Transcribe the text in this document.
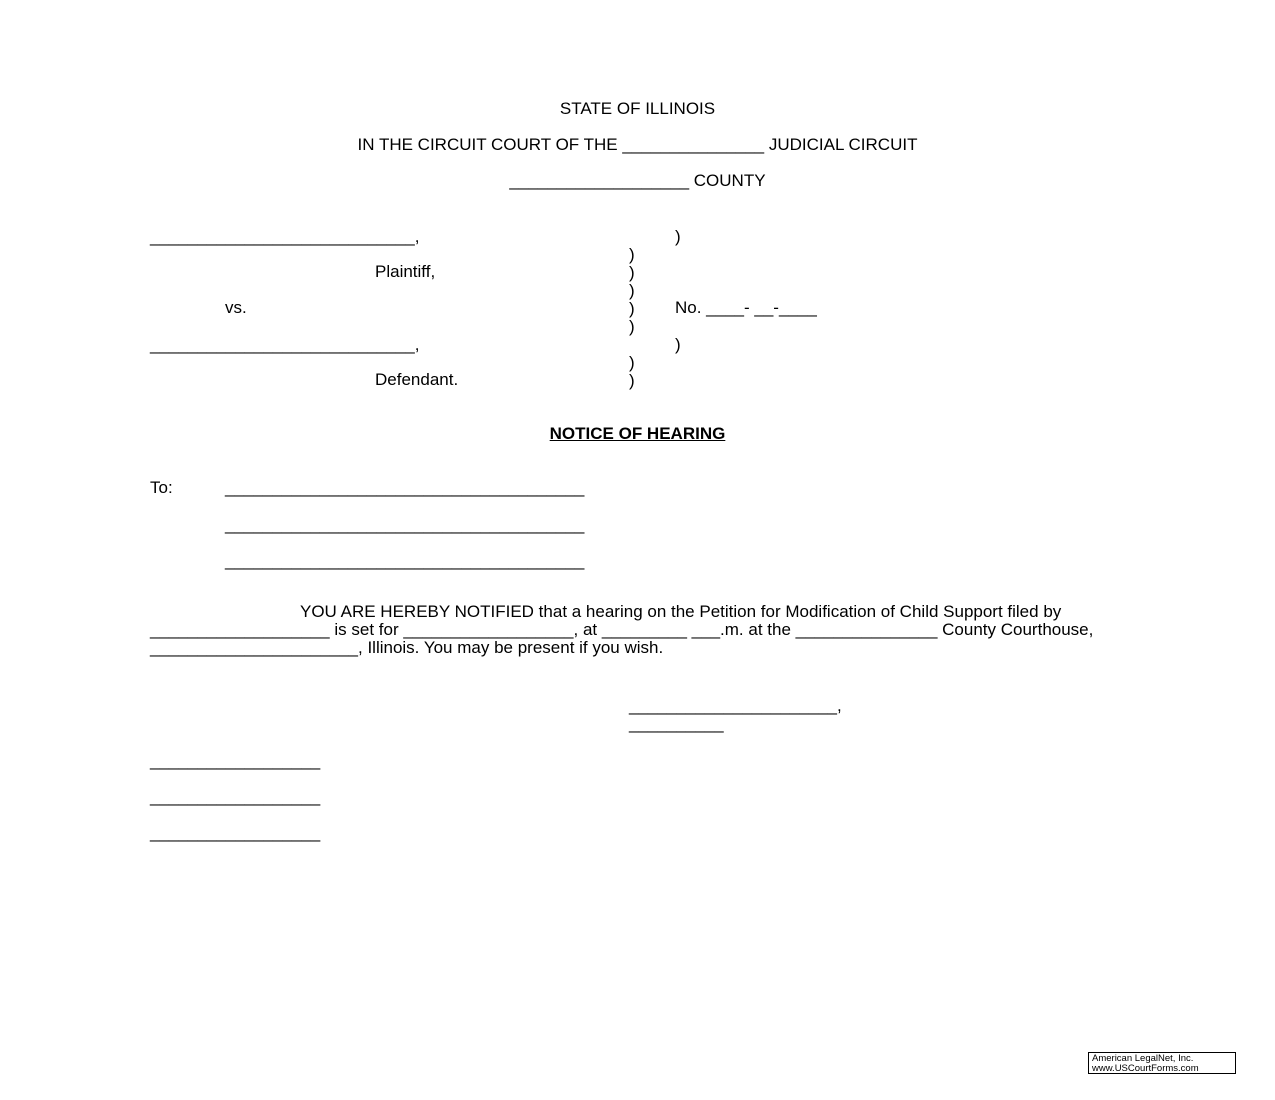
STATE OF ILLINOIS
IN THE CIRCUIT COURT OF THE _______________ JUDICIAL CIRCUIT
___________________ COUNTY
____________________________,
Plaintiff,
vs.
____________________________,
Defendant.
)
)
)
)
)
)
)
)
)
No. ____- __-____
NOTICE OF HEARING
To:	______________________________________
______________________________________
______________________________________
YOU ARE HEREBY NOTIFIED that a hearing on the Petition for Modification of Child Support filed by ___________________ is set for __________________, at _________ ___.m. at the _______________ County Courthouse, ______________________, Illinois. You may be present if you wish.
______________________,
__________
__________________
__________________
__________________
American LegalNet, Inc.
www.USCourtForms.com
